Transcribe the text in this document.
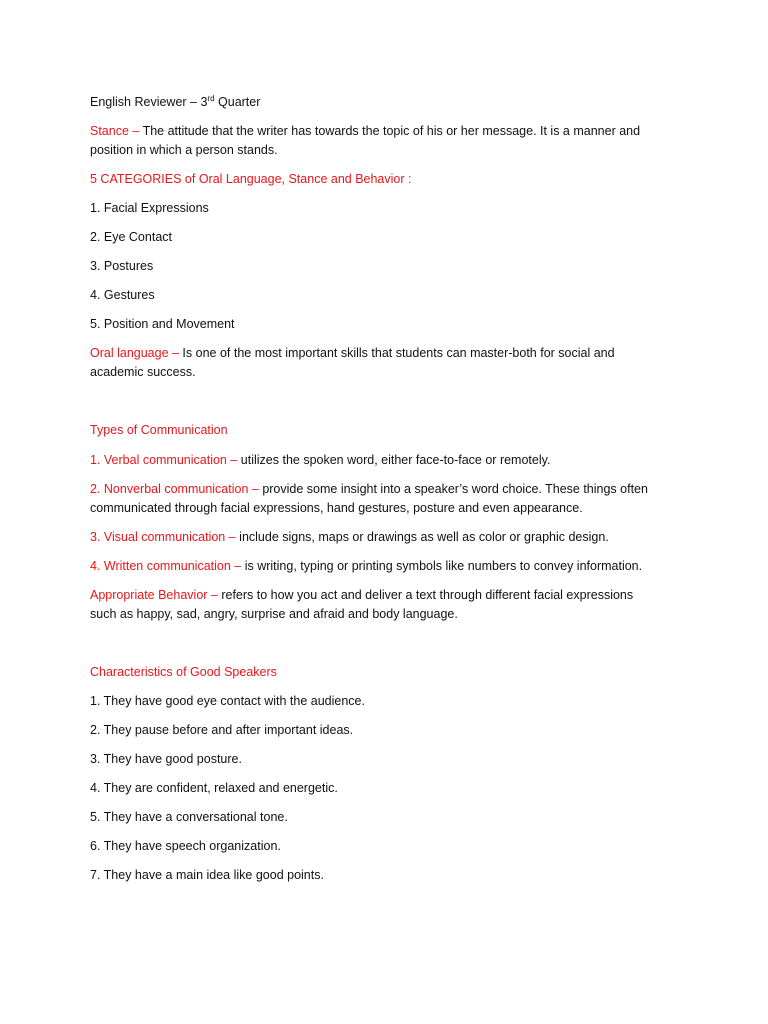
English Reviewer – 3rd Quarter
Stance – The attitude that the writer has towards the topic of his or her message. It is a manner and
position in which a person stands.
5 CATEGORIES of Oral Language, Stance and Behavior :
1. Facial Expressions
2. Eye Contact
3. Postures
4. Gestures
5. Position and Movement
Oral language – Is one of the most important skills that students can master-both for social and
academic success.
Types of Communication
1. Verbal communication – utilizes the spoken word, either face-to-face or remotely.
2. Nonverbal communication – provide some insight into a speaker’s word choice. These things often
communicated through facial expressions, hand gestures, posture and even appearance.
3. Visual communication – include signs, maps or drawings as well as color or graphic design.
4. Written communication – is writing, typing or printing symbols like numbers to convey information.
Appropriate Behavior – refers to how you act and deliver a text through different facial expressions
such as happy, sad, angry, surprise and afraid and body language.
Characteristics of Good Speakers
1. They have good eye contact with the audience.
2. They pause before and after important ideas.
3. They have good posture.
4. They are confident, relaxed and energetic.
5. They have a conversational tone.
6. They have speech organization.
7. They have a main idea like good points.
